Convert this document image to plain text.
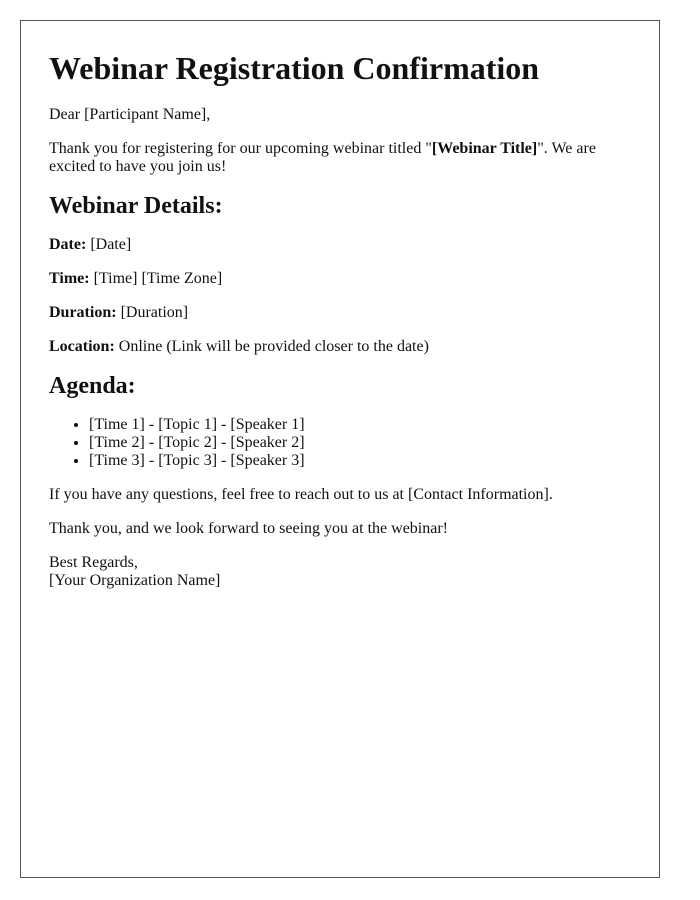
Webinar Registration Confirmation

Dear [Participant Name],

Thank you for registering for our upcoming webinar titled "[Webinar Title]". We are excited to have you join us!

Webinar Details:

Date: [Date]

Time: [Time] [Time Zone]

Duration: [Duration]

Location: Online (Link will be provided closer to the date)

Agenda:
• [Time 1] - [Topic 1] - [Speaker 1]
• [Time 2] - [Topic 2] - [Speaker 2]
• [Time 3] - [Topic 3] - [Speaker 3]

If you have any questions, feel free to reach out to us at [Contact Information].

Thank you, and we look forward to seeing you at the webinar!

Best Regards,
[Your Organization Name]
